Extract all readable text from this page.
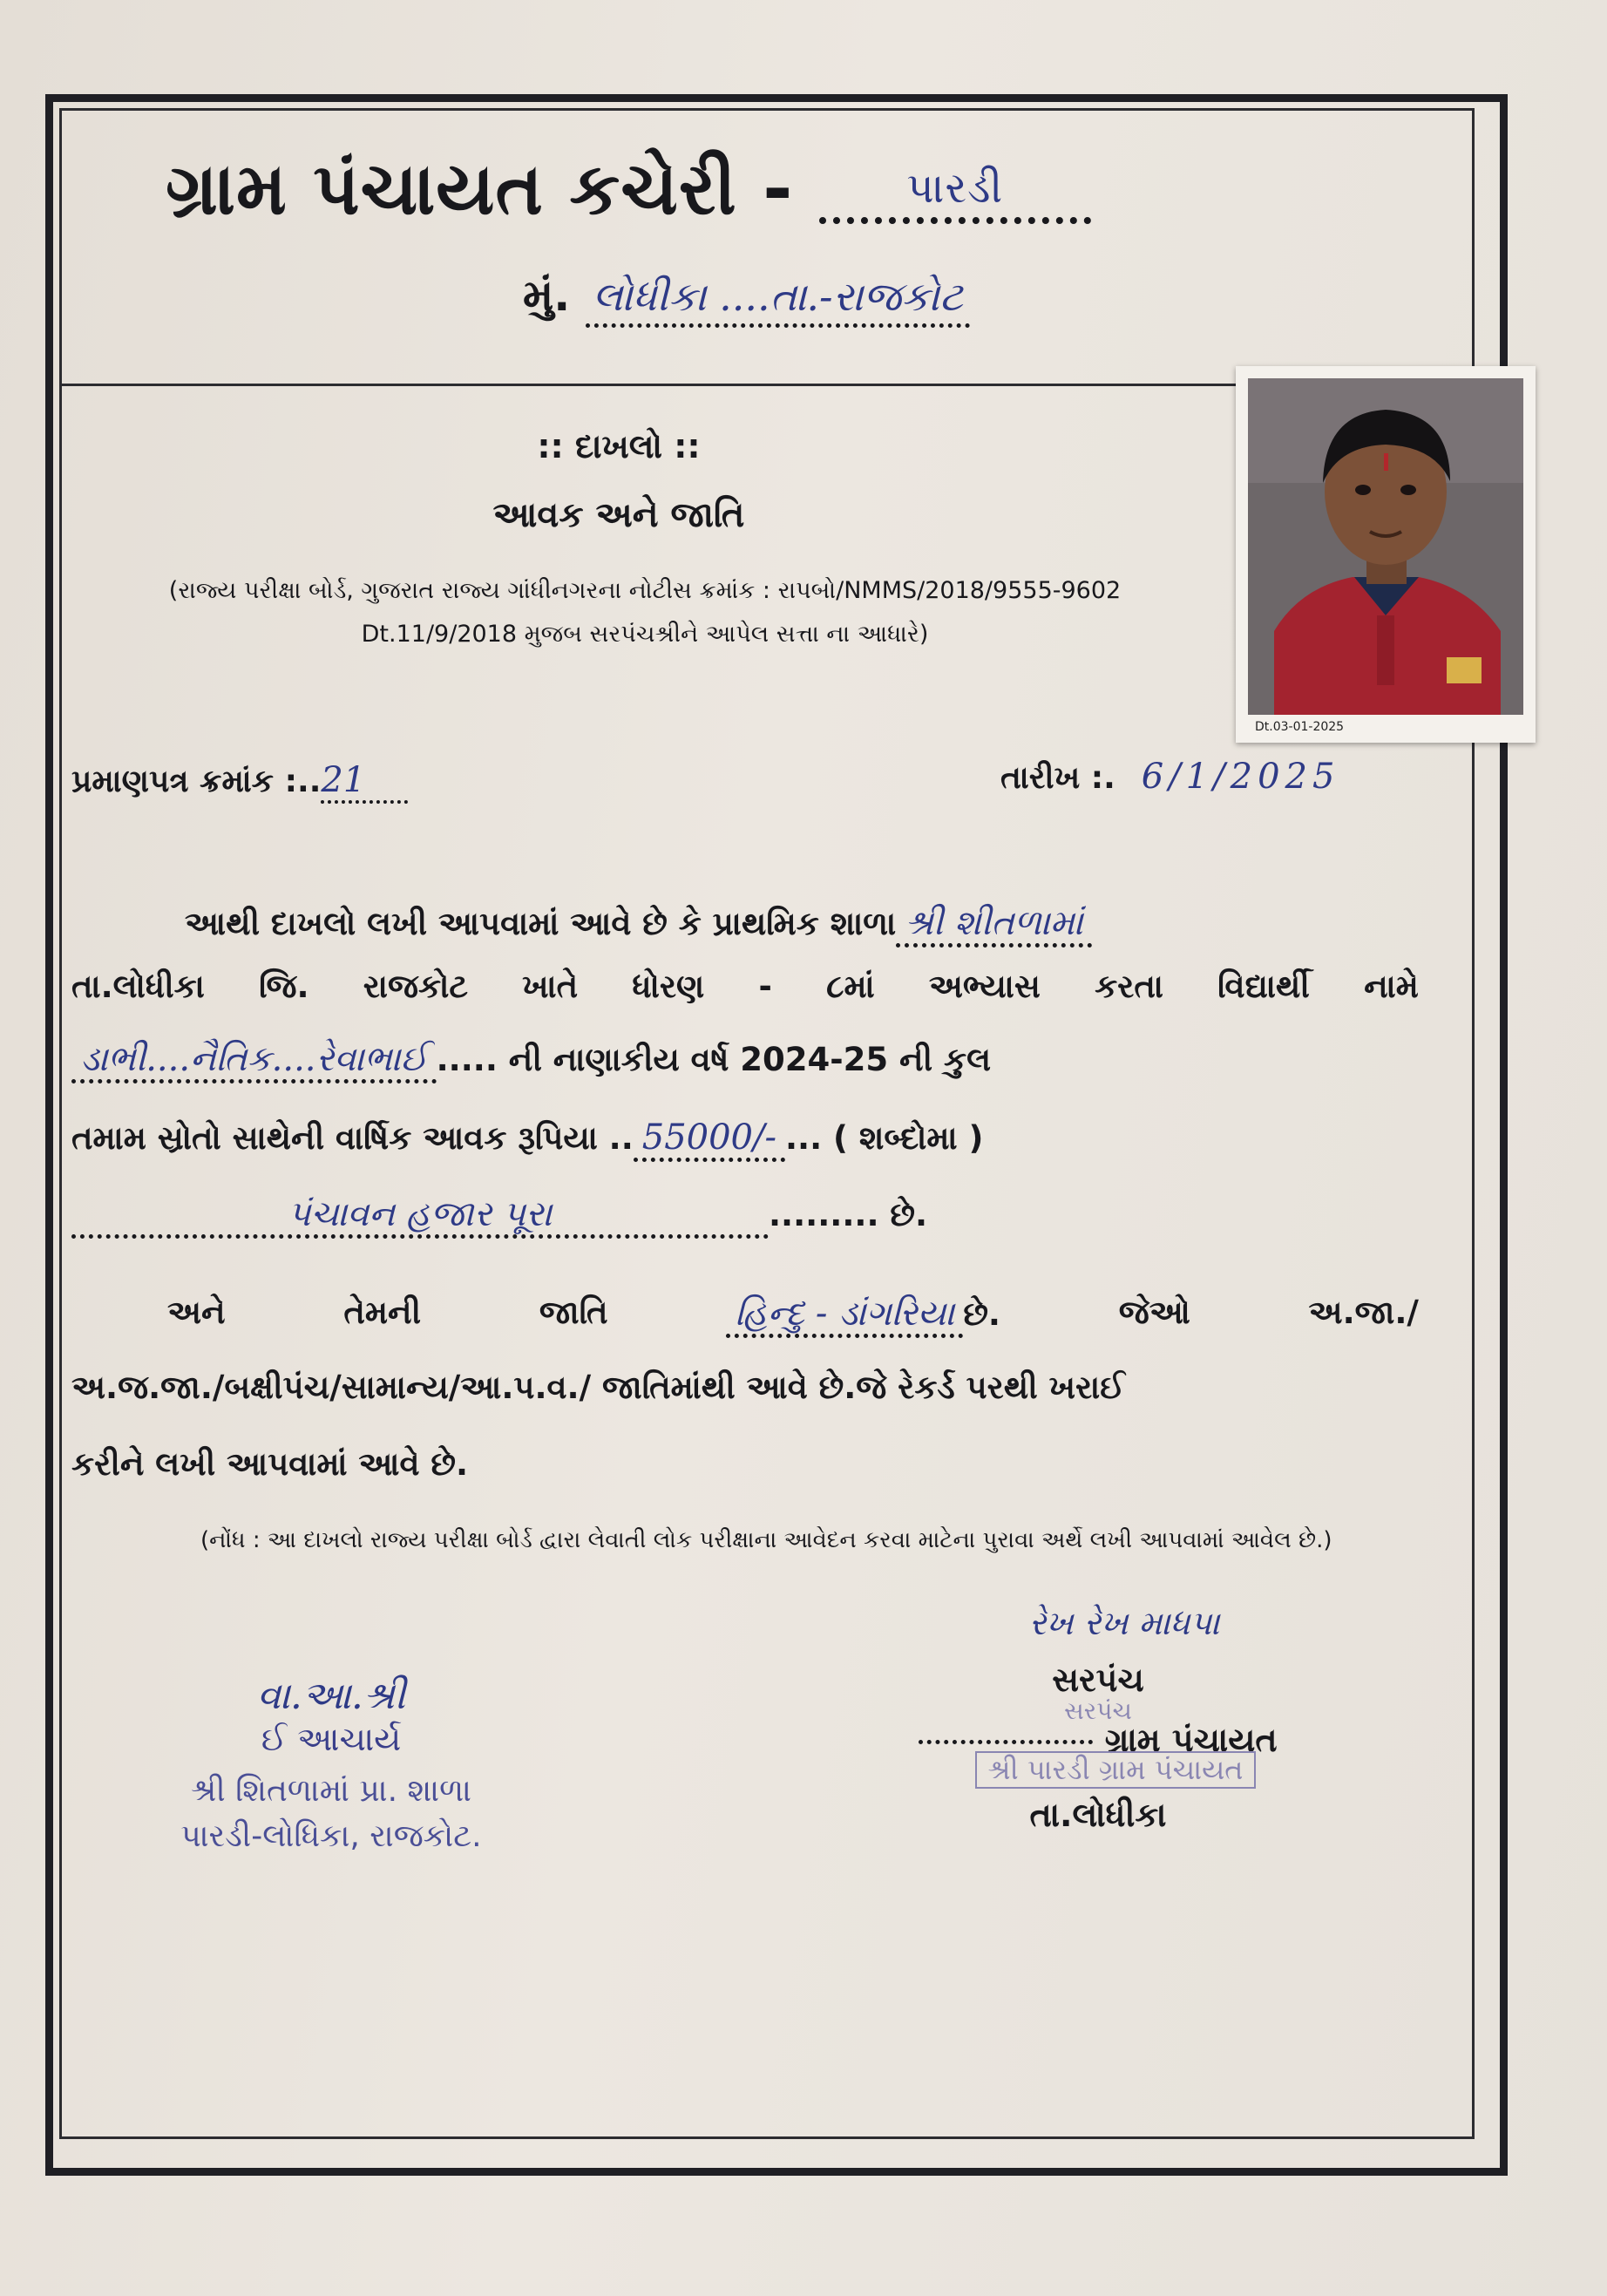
ગ્રામ પંચાયત કચેરી - પારડી
મું. લોધીકા ....તા.-રાજકોટ
Dt.03-01-2025
:: દાખલો ::
આવક અને જાતિ
(રાજ્ય પરીક્ષા બોર્ડ, ગુજરાત રાજ્ય ગાંધીનગરના નોટીસ ક્રમાંક : રાપબો/NMMS/2018/9555-9602
Dt.11/9/2018 મુજબ સરપંચશ્રીને આપેલ સત્તા ના આધારે)
પ્રમાણપત્ર ક્રમાંક :..21	તારીખ :. 6/1/2025
આથી દાખલો લખી આપવામાં આવે છે કે પ્રાથમિક શાળા શ્રી શીતળામાં
તા.લોધીકા જિ. રાજકોટ ખાતે ધોરણ - ૮માં અભ્યાસ કરતા વિદ્યાર્થી નામે
ડાભી....નૈતિક....રેવાભાઈ ..... ની નાણાકીય વર્ષ 2024-25 ની કુલ
તમામ સ્રોતો સાથેની વાર્ષિક આવક રૂપિયા .. 55000/- ... ( શબ્દોમા )
પંચાવન હજાર પૂરા	......... છે.
અને	તેમની	જાતિ	હિન્દુ - ડાંગરિયા છે.	જેઓ	અ.જા./
અ.જ.જા./બક્ષીપંચ/સામાન્ય/આ.પ.વ./ જાતિમાંથી આવે છે.જે રેકર્ડ પરથી ખરાઈ
કરીને લખી આપવામાં આવે છે.
(નોંધ : આ દાખલો રાજ્ય પરીક્ષા બોર્ડ દ્વારા લેવાતી લોક પરીક્ષાના આવેદન કરવા માટેના પુરાવા અર્થે લખી આપવામાં આવેલ છે.)
વા.આ.શ્રી
ઈ આચાર્ય
શ્રી શિતળામાં પ્રા. શાળા
પારડી-લોધિકા, રાજકોટ.
રેખ રેખ માધપા
સરપંચ
સરપંચ
ગ્રામ પંચાયત
શ્રી પારડી ગ્રામ પંચાયત
તા.લોધીકા
